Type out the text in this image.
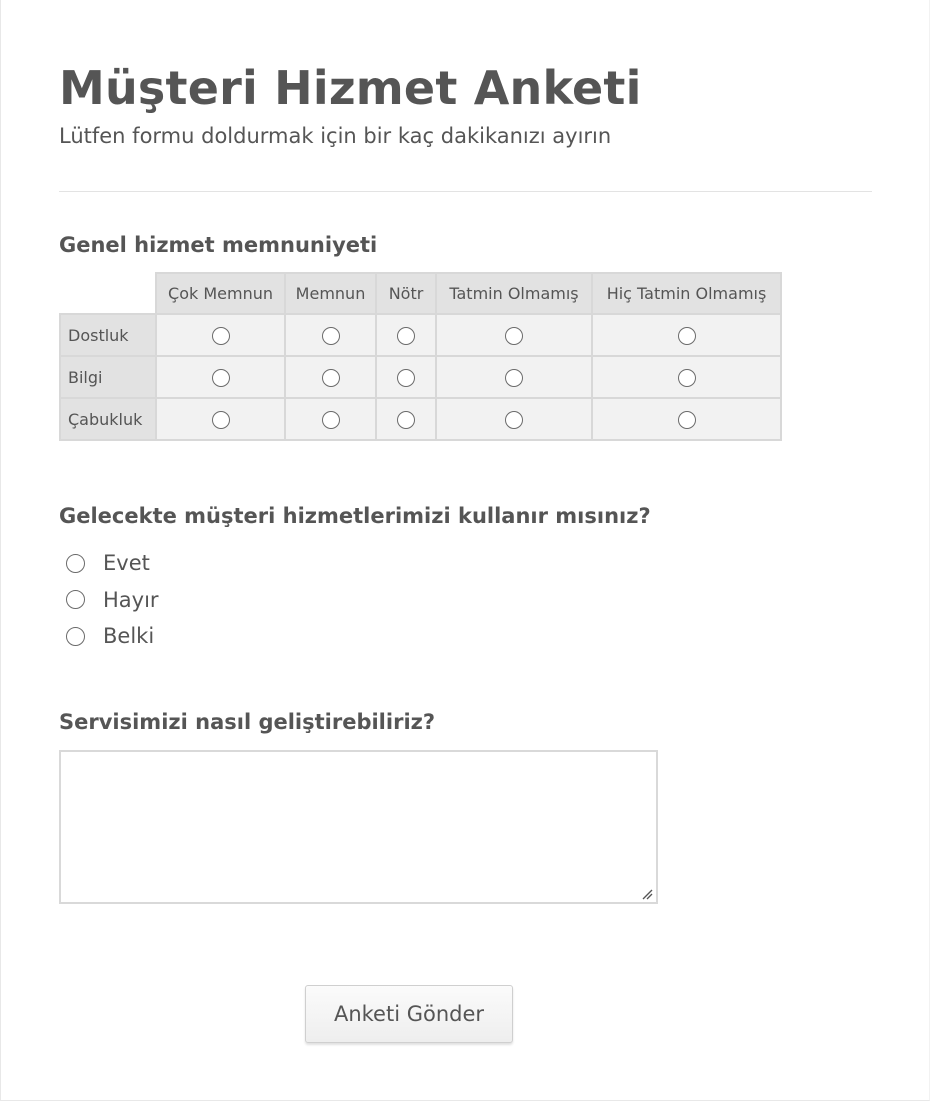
Müşteri Hizmet Anketi

Lütfen formu doldurmak için bir kaç dakikanızı ayırın

Genel hizmet memnuniyeti
	Çok Memnun	Memnun	Nötr	Tatmin Olmamış	Hiç Tatmin Olmamış
Dostluk					
Bilgi					
Çabukluk					
Gelecekte müşteri hizmetlerimizi kullanır mısınız?
Evet
Hayır
Belki
Servisimizi nasıl geliştirebiliriz?
Anketi Gönder
